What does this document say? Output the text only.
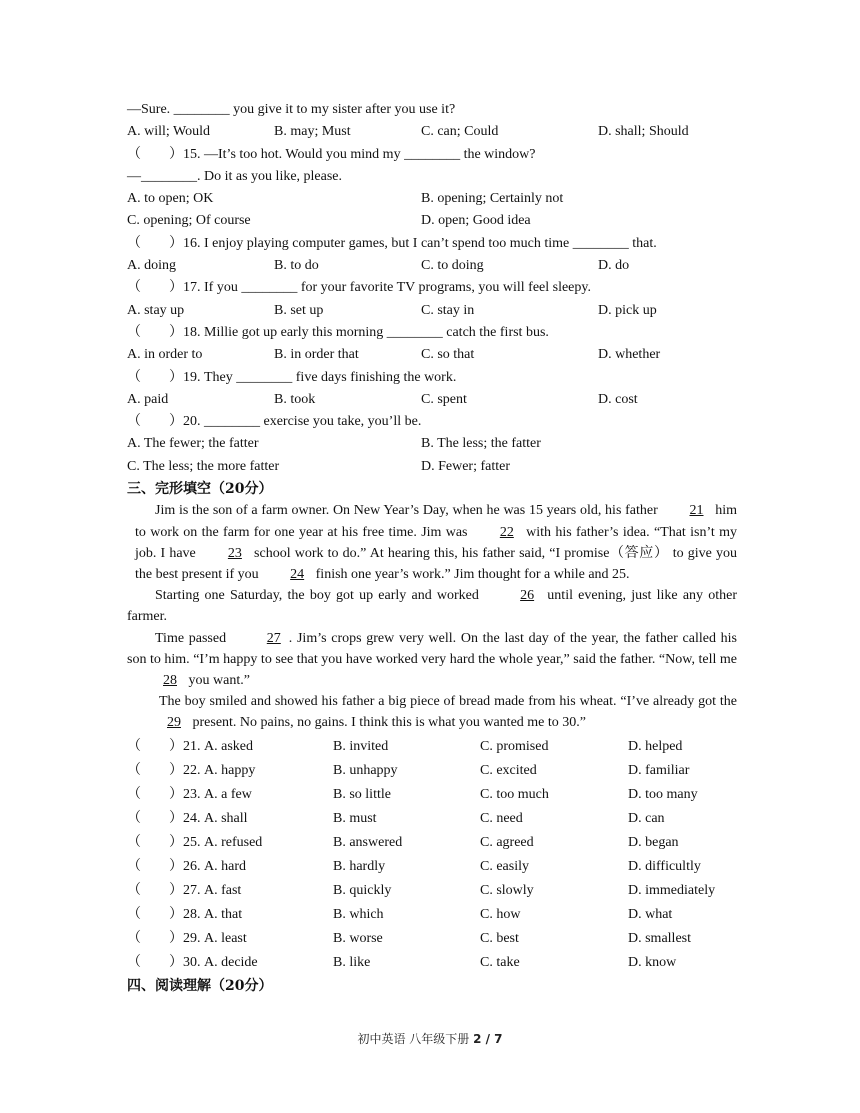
—Sure. ________ you give it to my sister after you use it?
A. will; Would	B. may; Must	C. can; Could	D. shall; Should
（　　）15. —It’s too hot. Would you mind my ________ the window?
—________. Do it as you like, please.
A. to open; OK	B. opening; Certainly not
C. opening; Of course	D. open; Good idea
（　　）16. I enjoy playing computer games, but I can’t spend too much time ________ that.
A. doing	B. to do	C. to doing	D. do
（　　）17. If you ________ for your favorite TV programs, you will feel sleepy.
A. stay up	B. set up	C. stay in	D. pick up
（　　）18. Millie got up early this morning ________ catch the first bus.
A. in order to	B. in order that	C. so that	D. whether
（　　）19. They ________ five days finishing the work.
A. paid	B. took	C. spent	D. cost
（　　）20. ________ exercise you take, you’ll be.
A. The fewer; the fatter	B. The less; the fatter
C. The less; the more fatter	D. Fewer; fatter
三、完形填空（20分）
Jim is the son of a farm owner. On New Year’s Day, when he was 15 years old, his father 21 him to work on the farm for one year at his free time. Jim was 22 with his father’s idea. “That isn’t my job. I have 23 school work to do.” At hearing this, his father said, “I promise（答应） to give you the best present if you 24 finish one year’s work.” Jim thought for a while and 25.
Starting one Saturday, the boy got up early and worked	26 until evening, just like any other farmer.
Time passed	27 . Jim’s crops grew very well. On the last day of the year, the father called his son to him. “I’m happy to see that you have worked very hard the whole year,” said the father. “Now, tell me 28 you want.”
The boy smiled and showed his father a big piece of bread made from his wheat. “I’ve already got the 29 present. No pains, no gains. I think this is what you wanted me to 30.”
（　　）21. A. asked	B. invited	C. promised	D. helped
（　　）22. A. happy	B. unhappy	C. excited	D. familiar
（　　）23. A. a few	B. so little	C. too much	D. too many
（　　）24. A. shall	B. must	C. need	D. can
（　　）25. A. refused	B. answered	C. agreed	D. began
（　　）26. A. hard	B. hardly	C. easily	D. difficultly
（　　）27. A. fast	B. quickly	C. slowly	D. immediately
（　　）28. A. that	B. which	C. how	D. what
（　　）29. A. least	B. worse	C. best	D. smallest
（　　）30. A. decide	B. like	C. take	D. know
四、阅读理解（20分）
初中英语 八年级下册 2 / 7
